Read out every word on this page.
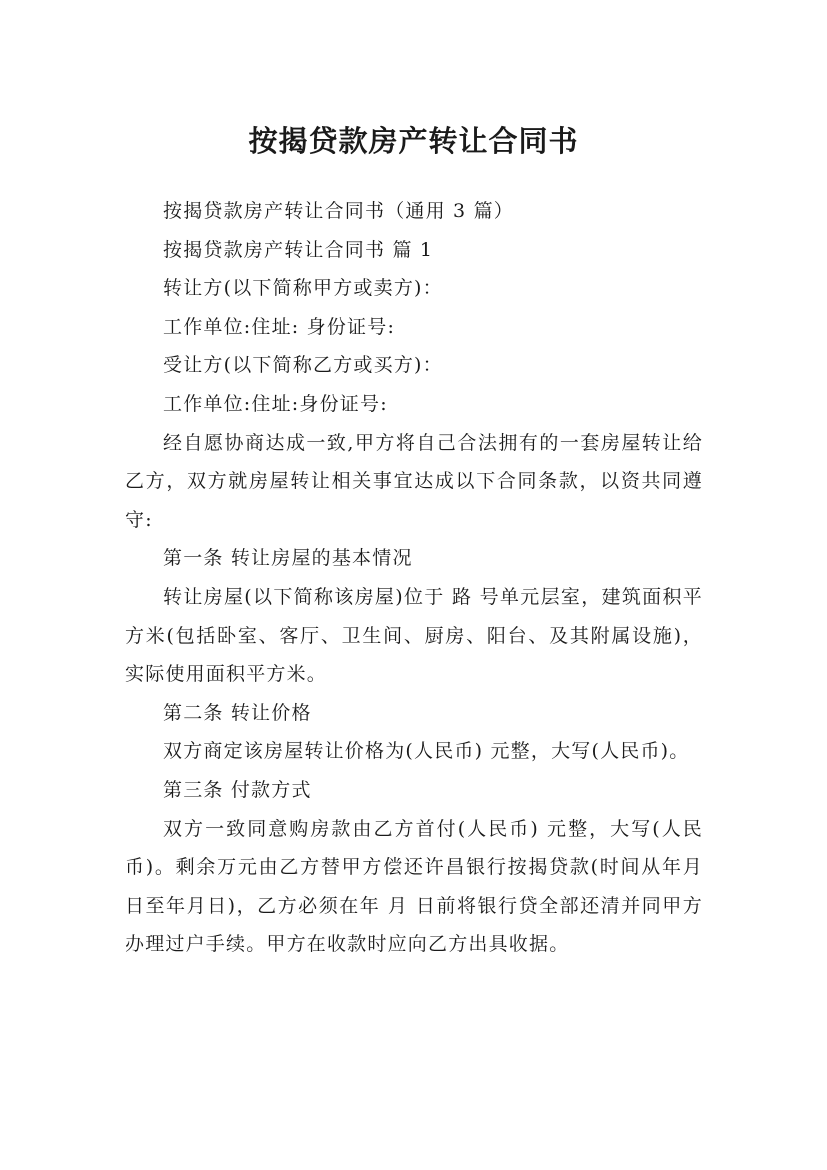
按揭贷款房产转让合同书

按揭贷款房产转让合同书（通用 3 篇）

按揭贷款房产转让合同书 篇 1

转让方(以下简称甲方或卖方)：

工作单位:住址: 身份证号:

受让方(以下简称乙方或买方)：

工作单位:住址:身份证号:

经自愿协商达成一致,甲方将自己合法拥有的一套房屋转让给乙方，双方就房屋转让相关事宜达成以下合同条款，以资共同遵守:

第一条 转让房屋的基本情况

转让房屋(以下简称该房屋)位于 路 号单元层室，建筑面积平方米(包括卧室、客厅、卫生间、厨房、阳台、及其附属设施)，实际使用面积平方米。

第二条 转让价格

双方商定该房屋转让价格为(人民币) 元整，大写(人民币)。

第三条 付款方式

双方一致同意购房款由乙方首付(人民币) 元整，大写(人民币)。剩余万元由乙方替甲方偿还许昌银行按揭贷款(时间从年月日至年月日)，乙方必须在年 月 日前将银行贷全部还清并同甲方办理过户手续。甲方在收款时应向乙方出具收据。
